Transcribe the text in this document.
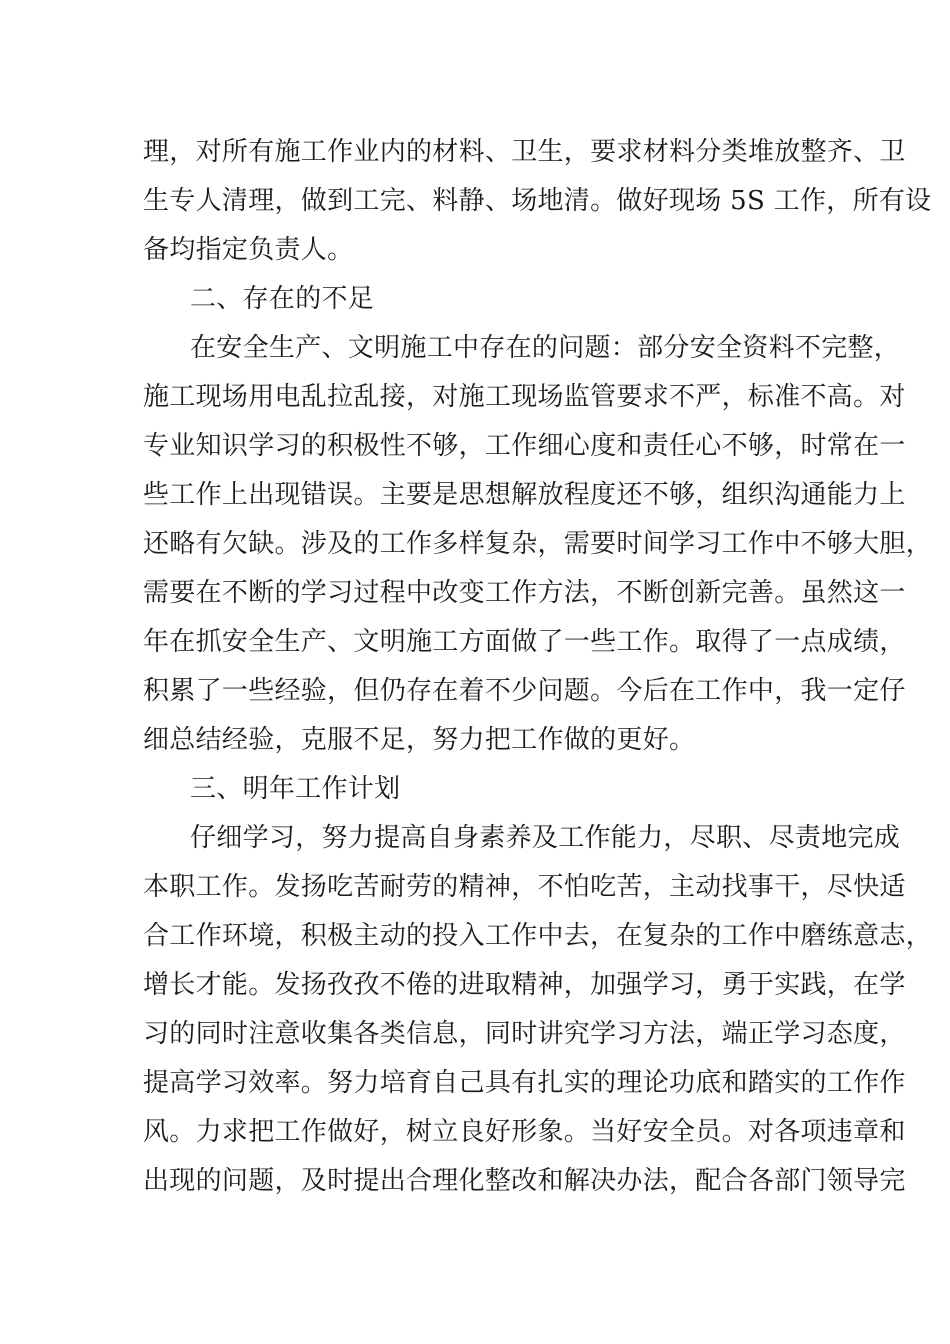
理，对所有施工作业内的材料、卫生，要求材料分类堆放整齐、卫
生专人清理，做到工完、料静、场地清。做好现场 5S 工作，所有设
备均指定负责人。
二、存在的不足
在安全生产、文明施工中存在的问题：部分安全资料不完整，
施工现场用电乱拉乱接，对施工现场监管要求不严，标准不高。对
专业知识学习的积极性不够，工作细心度和责任心不够，时常在一
些工作上出现错误。主要是思想解放程度还不够，组织沟通能力上
还略有欠缺。涉及的工作多样复杂，需要时间学习工作中不够大胆，
需要在不断的学习过程中改变工作方法，不断创新完善。虽然这一
年在抓安全生产、文明施工方面做了一些工作。取得了一点成绩，
积累了一些经验，但仍存在着不少问题。今后在工作中，我一定仔
细总结经验，克服不足，努力把工作做的更好。
三、明年工作计划
仔细学习，努力提高自身素养及工作能力，尽职、尽责地完成
本职工作。发扬吃苦耐劳的精神，不怕吃苦，主动找事干，尽快适
合工作环境，积极主动的投入工作中去，在复杂的工作中磨练意志，
增长才能。发扬孜孜不倦的进取精神，加强学习，勇于实践，在学
习的同时注意收集各类信息，同时讲究学习方法，端正学习态度，
提高学习效率。努力培育自己具有扎实的理论功底和踏实的工作作
风。力求把工作做好，树立良好形象。当好安全员。对各项违章和
出现的问题，及时提出合理化整改和解决办法，配合各部门领导完
